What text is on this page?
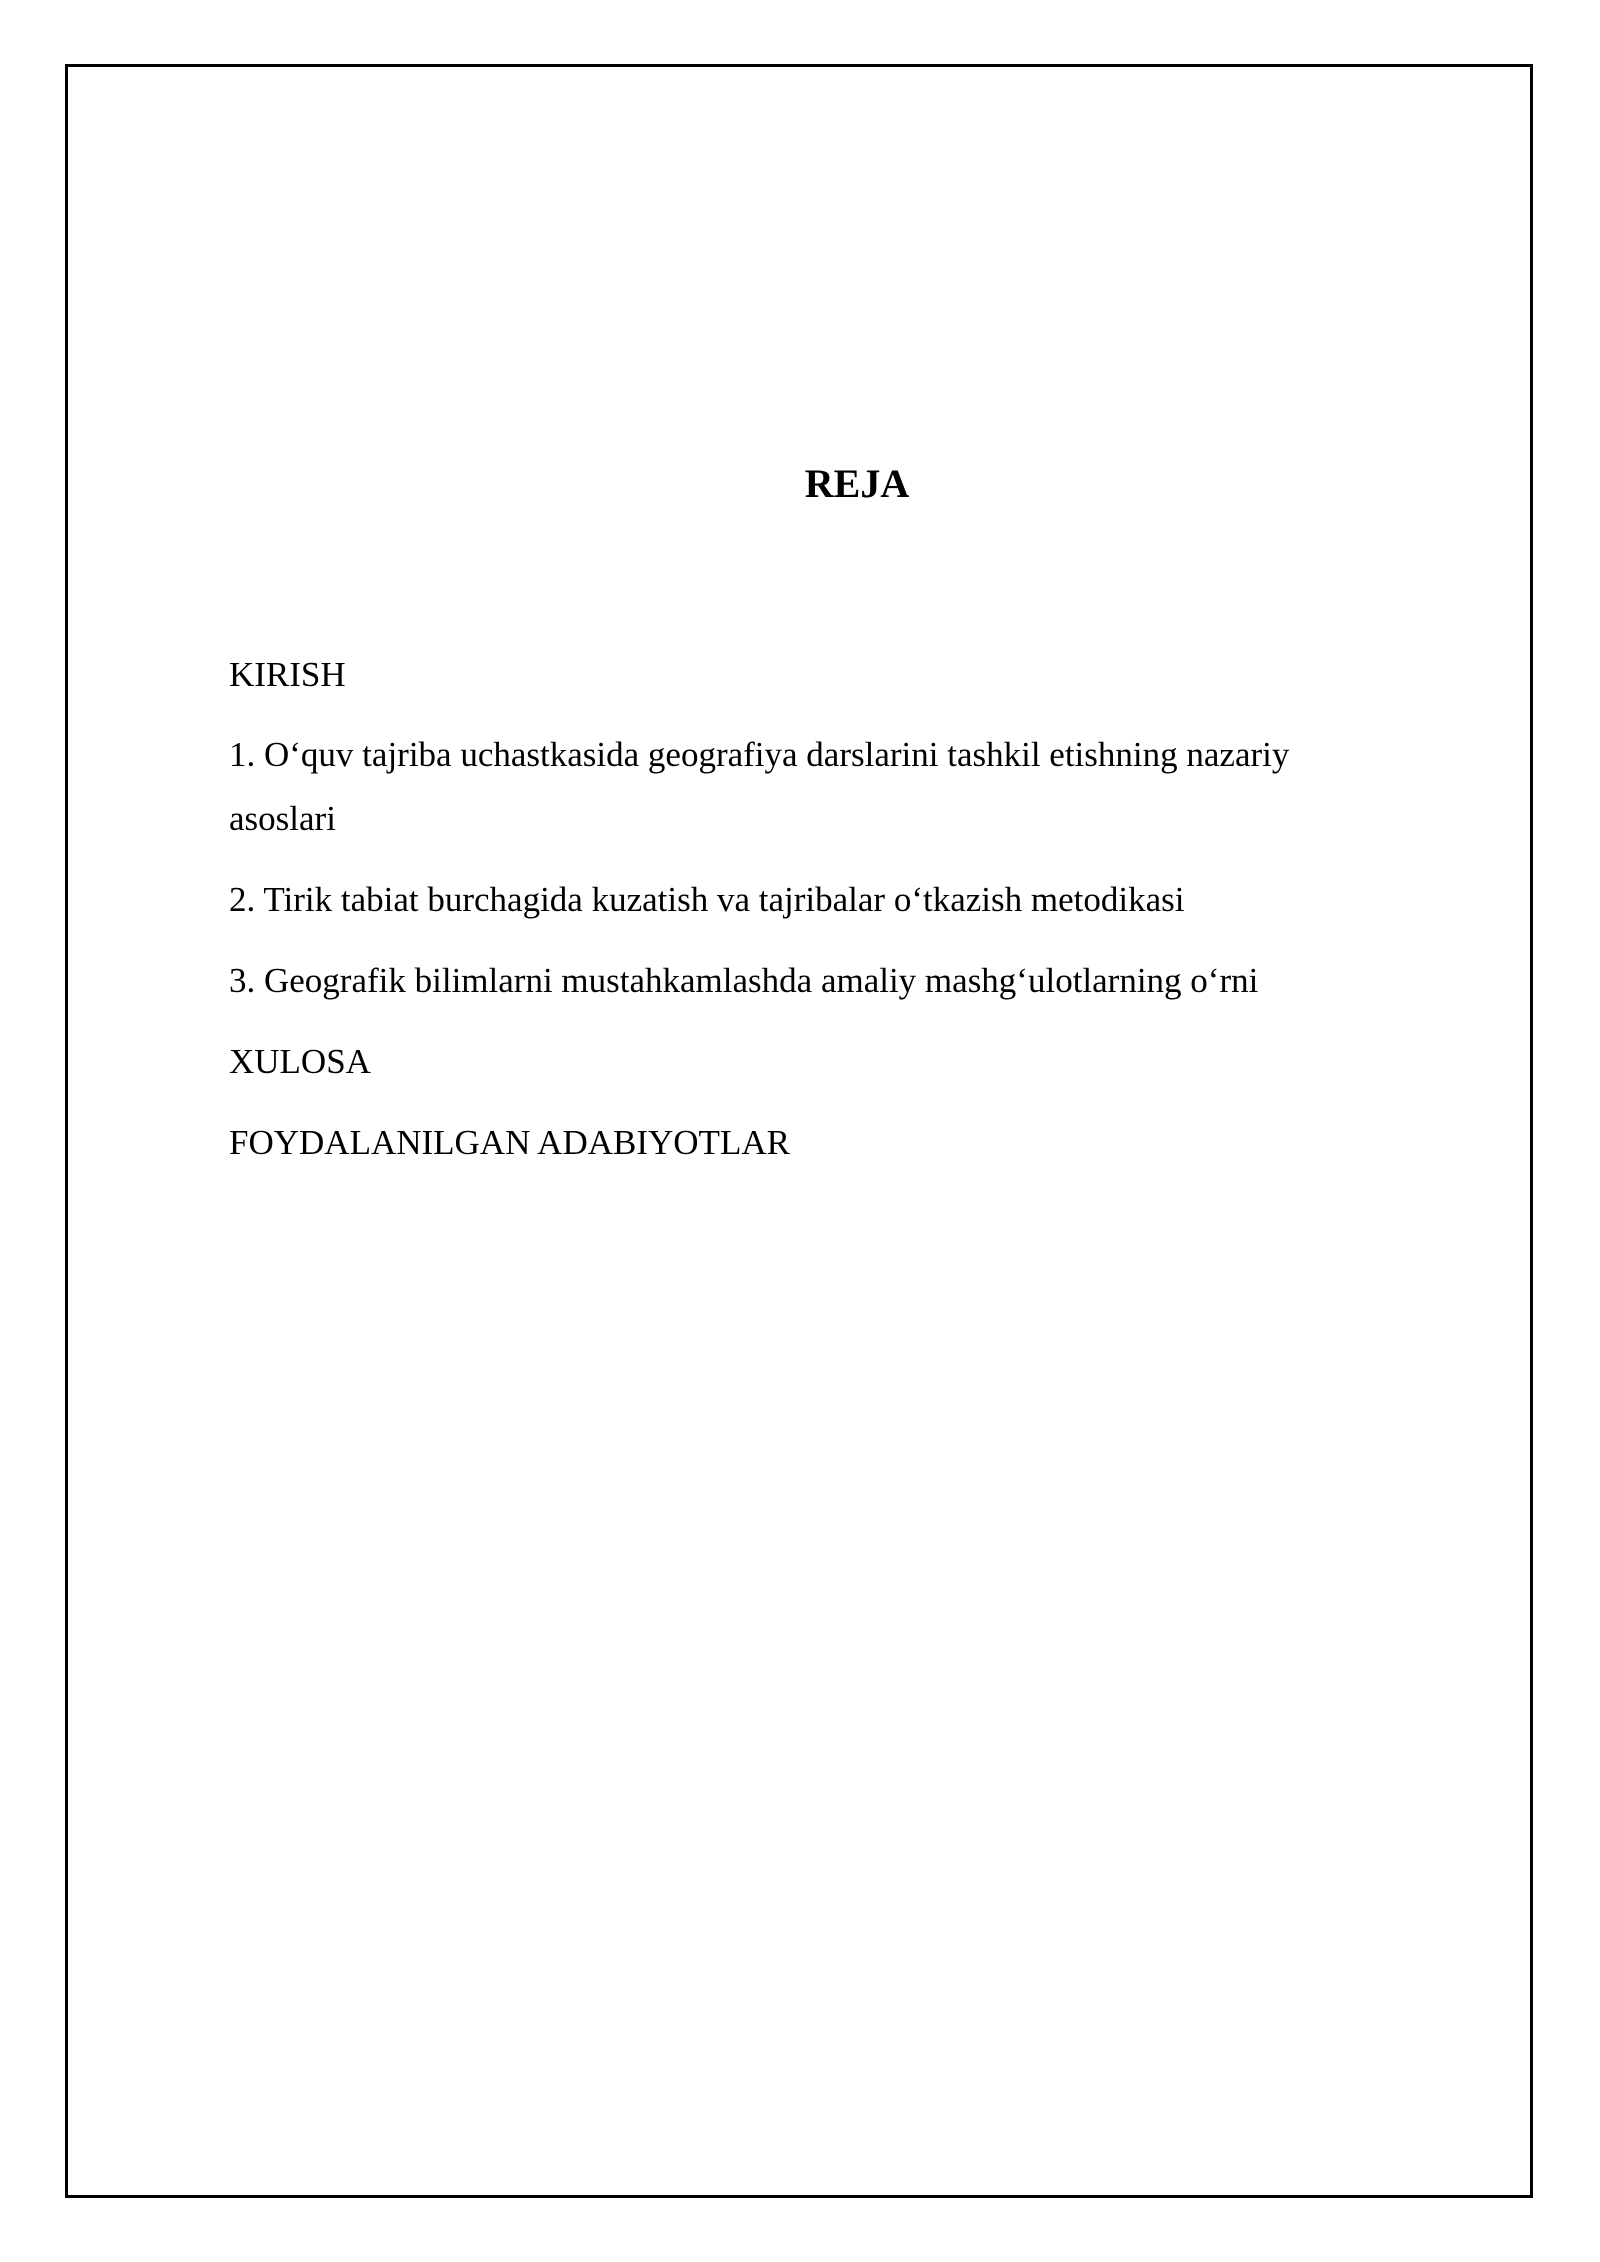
REJA
KIRISH
1. O‘quv tajriba uchastkasida geografiya darslarini tashkil etishning nazariy asoslari
2. Tirik tabiat burchagida kuzatish va tajribalar o‘tkazish metodikasi
3. Geografik bilimlarni mustahkamlashda amaliy mashg‘ulotlarning o‘rni
XULOSA
FOYDALANILGAN ADABIYOTLAR
